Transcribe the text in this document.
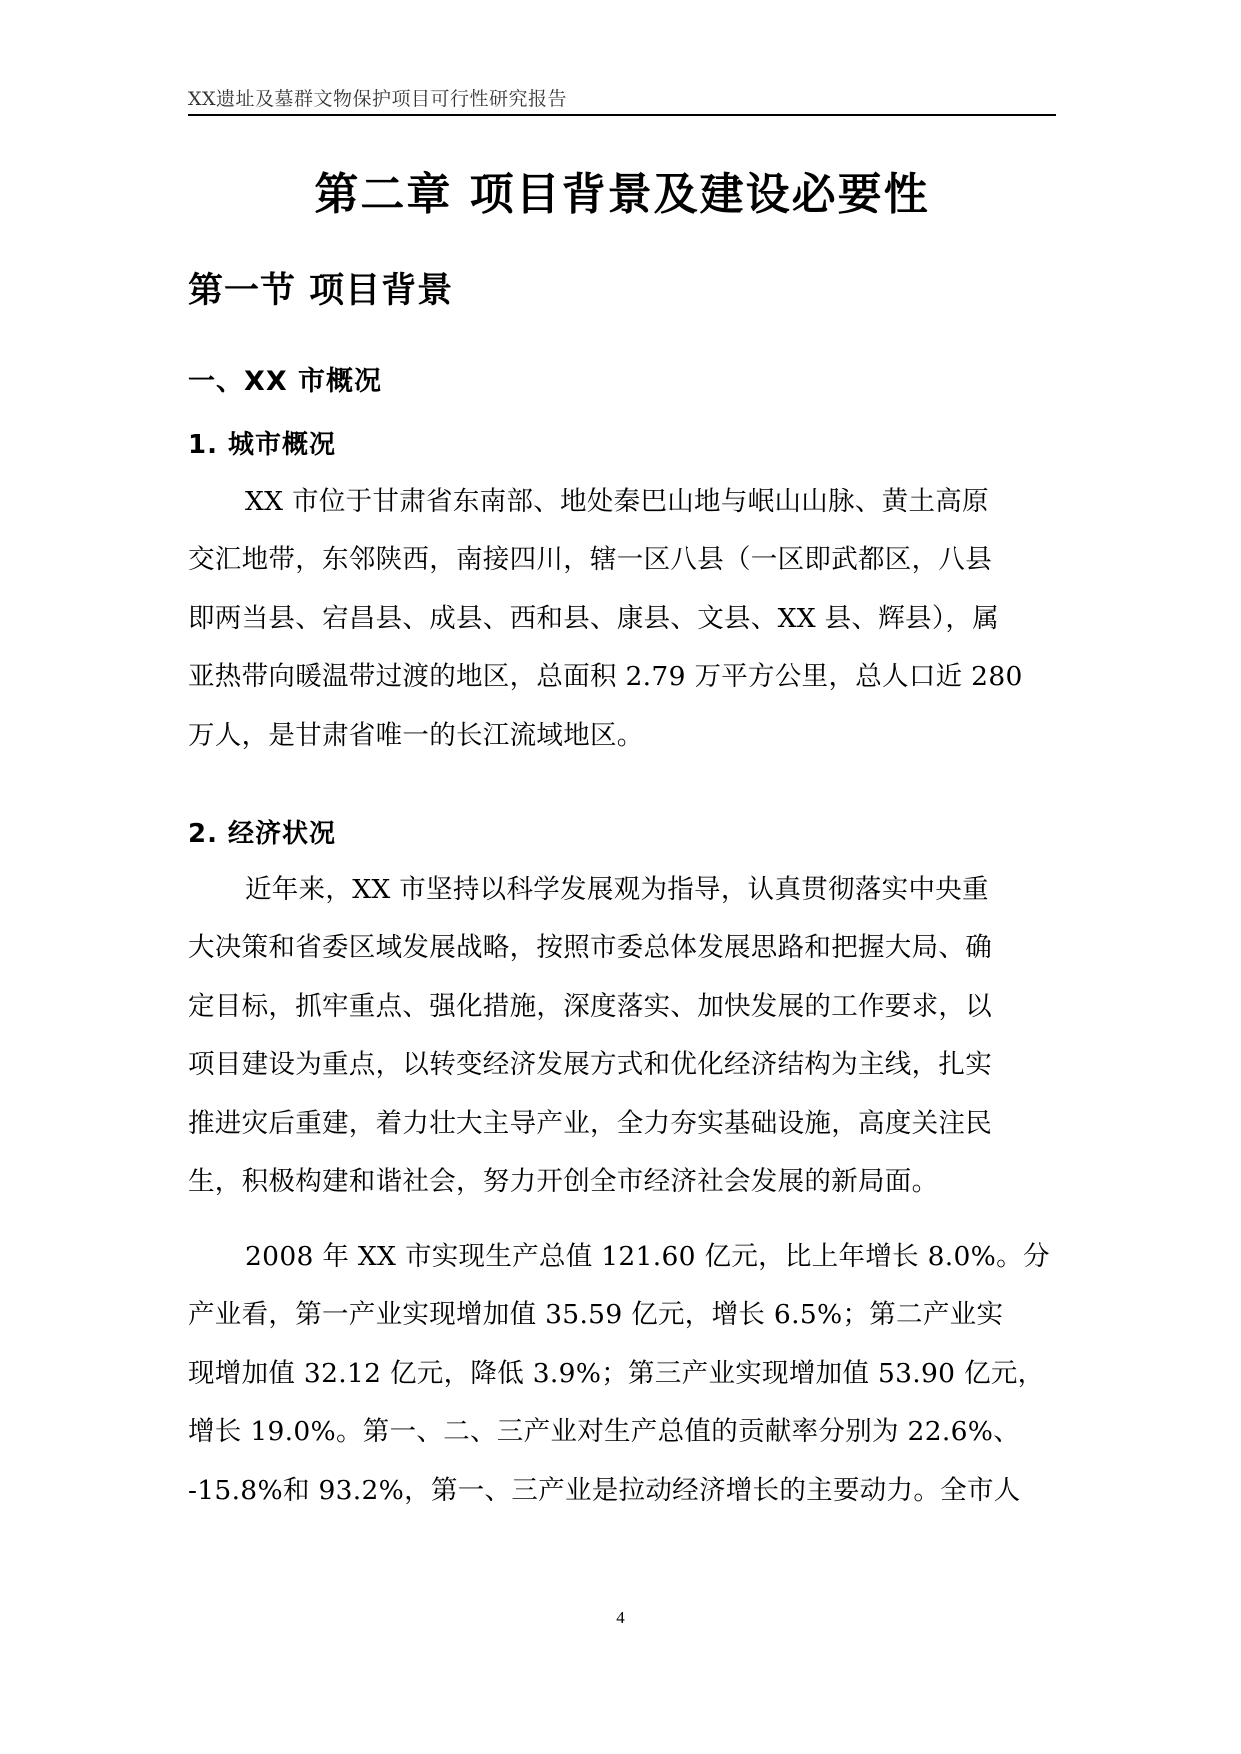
XX遗址及墓群文物保护项目可行性研究报告
第二章 项目背景及建设必要性
第一节 项目背景
一、XX 市概况
1. 城市概况
XX 市位于甘肃省东南部、地处秦巴山地与岷山山脉、黄土高原
交汇地带，东邻陕西，南接四川，辖一区八县（一区即武都区，八县
即两当县、宕昌县、成县、西和县、康县、文县、XX 县、辉县），属
亚热带向暖温带过渡的地区，总面积 2.79 万平方公里，总人口近 280
万人，是甘肃省唯一的长江流域地区。
2. 经济状况
近年来，XX 市坚持以科学发展观为指导，认真贯彻落实中央重
大决策和省委区域发展战略，按照市委总体发展思路和把握大局、确
定目标，抓牢重点、强化措施，深度落实、加快发展的工作要求，以
项目建设为重点，以转变经济发展方式和优化经济结构为主线，扎实
推进灾后重建，着力壮大主导产业，全力夯实基础设施，高度关注民
生，积极构建和谐社会，努力开创全市经济社会发展的新局面。
2008 年 XX 市实现生产总值 121.60 亿元，比上年增长 8.0%。分
产业看，第一产业实现增加值 35.59 亿元，增长 6.5%；第二产业实
现增加值 32.12 亿元，降低 3.9%；第三产业实现增加值 53.90 亿元，
增长 19.0%。第一、二、三产业对生产总值的贡献率分别为 22.6%、
-15.8%和 93.2%，第一、三产业是拉动经济增长的主要动力。全市人
4
